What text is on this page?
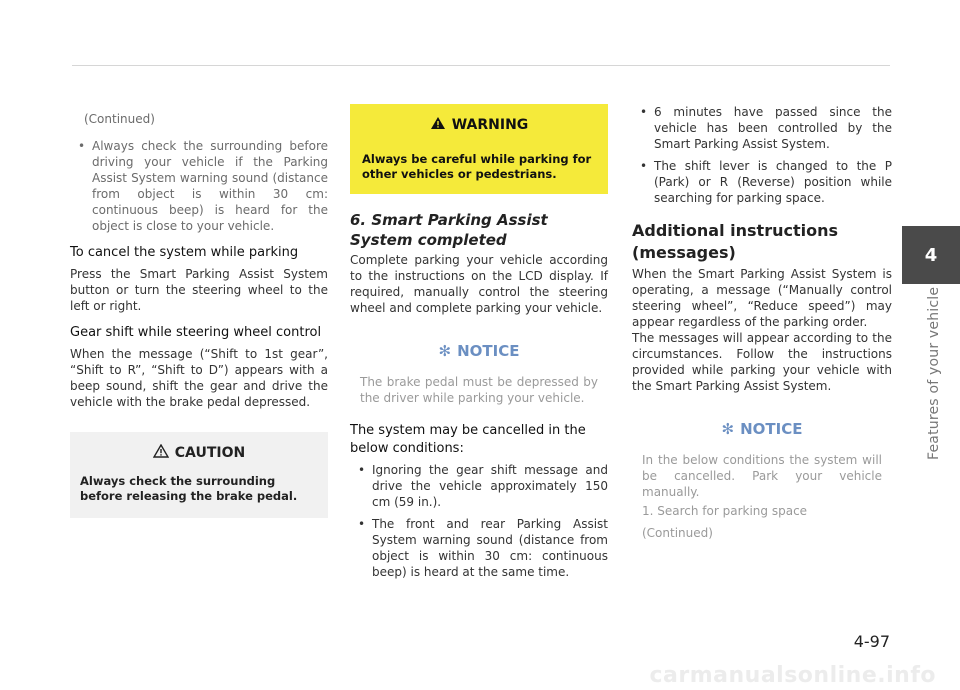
(Continued)
• Always check the surrounding before driving your vehicle if the Parking Assist System warning sound (distance from object is within 30 cm: continuous beep) is heard for the object is close to your vehicle.
To cancel the system while parking

Press the Smart Parking Assist System button or turn the steering wheel to the left or right.

Gear shift while steering wheel control

When the message (“Shift to 1st gear”, “Shift to R”, “Shift to D”) appears with a beep sound, shift the gear and drive the vehicle with the brake pedal depressed.

CAUTION
Always check the surrounding before releasing the brake pedal.
WARNING
Always be careful while parking for other vehicles or pedestrians.
6. Smart Parking Assist System completed

Complete parking your vehicle according to the instructions on the LCD display. If required, manually control the steering wheel and complete parking your vehicle.

✻ NOTICE
The brake pedal must be depressed by the driver while parking your vehicle.
The system may be cancelled in the below conditions:
• Ignoring the gear shift message and drive the vehicle approximately 150 cm (59 in.).
• The front and rear Parking Assist System warning sound (distance from object is within 30 cm: continuous beep) is heard at the same time.
• 6 minutes have passed since the vehicle has been controlled by the Smart Parking Assist System.
• The shift lever is changed to the P (Park) or R (Reverse) position while searching for parking space.
Additional instructions (messages)

When the Smart Parking Assist System is operating, a message (“Manually control steering wheel”, “Reduce speed”) may appear regardless of the parking order.

The messages will appear according to the circumstances. Follow the instructions provided while parking your vehicle with the Smart Parking Assist System.

✻ NOTICE
In the below conditions the system will be cancelled. Park your vehicle manually.
1. Search for parking space
(Continued)
4
Features of your vehicle
4-97
carmanualsonline.info
